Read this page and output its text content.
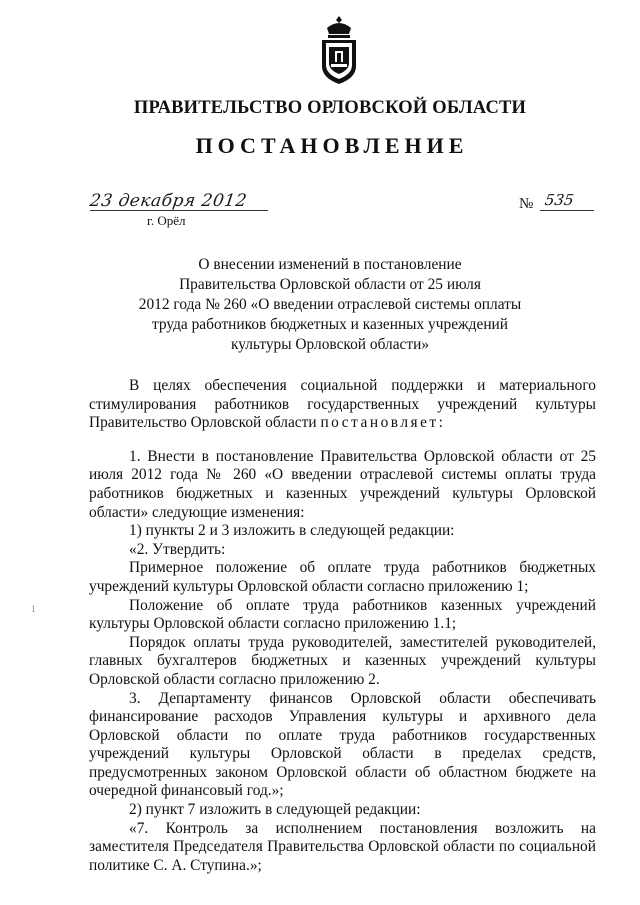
ПРАВИТЕЛЬСТВО ОРЛОВСКОЙ ОБЛАСТИ
ПОСТАНОВЛЕНИЕ
23 декабря 2012
г. Орёл
№ 535
О внесении изменений в постановление
Правительства Орловской области от 25 июля
2012 года № 260 «О введении отраслевой системы оплаты
труда работников бюджетных и казенных учреждений
культуры Орловской области»

В целях обеспечения социальной поддержки и материального стимулирования работников государственных учреждений культуры Правительство Орловской области постановляет:

1. Внести в постановление Правительства Орловской области от 25 июля 2012 года № 260 «О введении отраслевой системы оплаты труда работников бюджетных и казенных учреждений культуры Орловской области» следующие изменения:

1) пункты 2 и 3 изложить в следующей редакции:

«2. Утвердить:

Примерное положение об оплате труда работников бюджетных учреждений культуры Орловской области согласно приложению 1;

Положение об оплате труда работников казенных учреждений культуры Орловской области согласно приложению 1.1;

Порядок оплаты труда руководителей, заместителей руководителей, главных бухгалтеров бюджетных и казенных учреждений культуры Орловской области согласно приложению 2.

3. Департаменту финансов Орловской области обеспечивать финансирование расходов Управления культуры и архивного дела Орловской области по оплате труда работников государственных учреждений культуры Орловской области в пределах средств, предусмотренных законом Орловской области об областном бюджете на очередной финансовый год.»;

2) пункт 7 изложить в следующей редакции:

«7. Контроль за исполнением постановления возложить на заместителя Председателя Правительства Орловской области по социальной политике С. А. Ступина.»;

1
